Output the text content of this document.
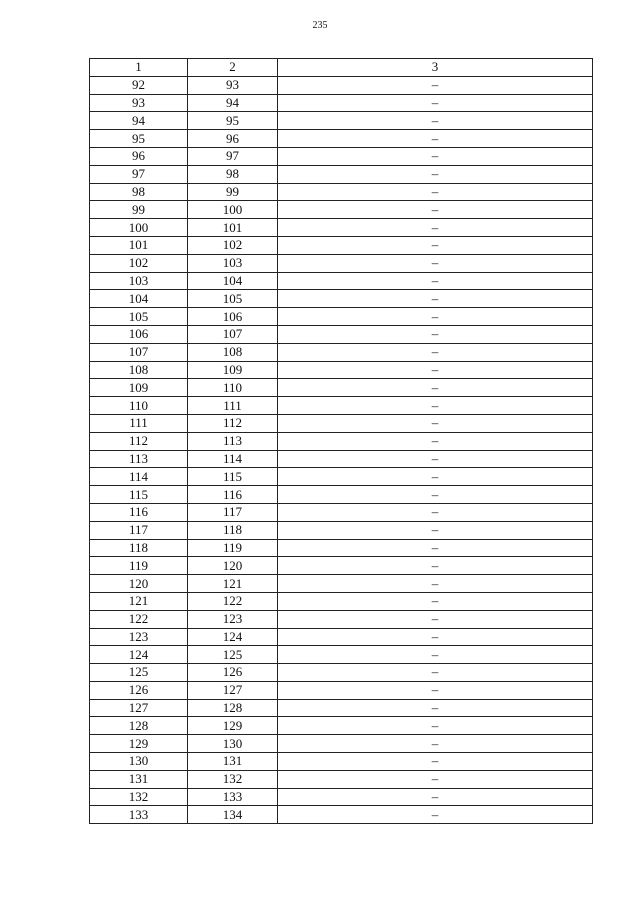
235
1	2	3
92	93	–
93	94	–
94	95	–
95	96	–
96	97	–
97	98	–
98	99	–
99	100	–
100	101	–
101	102	–
102	103	–
103	104	–
104	105	–
105	106	–
106	107	–
107	108	–
108	109	–
109	110	–
110	111	–
111	112	–
112	113	–
113	114	–
114	115	–
115	116	–
116	117	–
117	118	–
118	119	–
119	120	–
120	121	–
121	122	–
122	123	–
123	124	–
124	125	–
125	126	–
126	127	–
127	128	–
128	129	–
129	130	–
130	131	–
131	132	–
132	133	–
133	134	–
